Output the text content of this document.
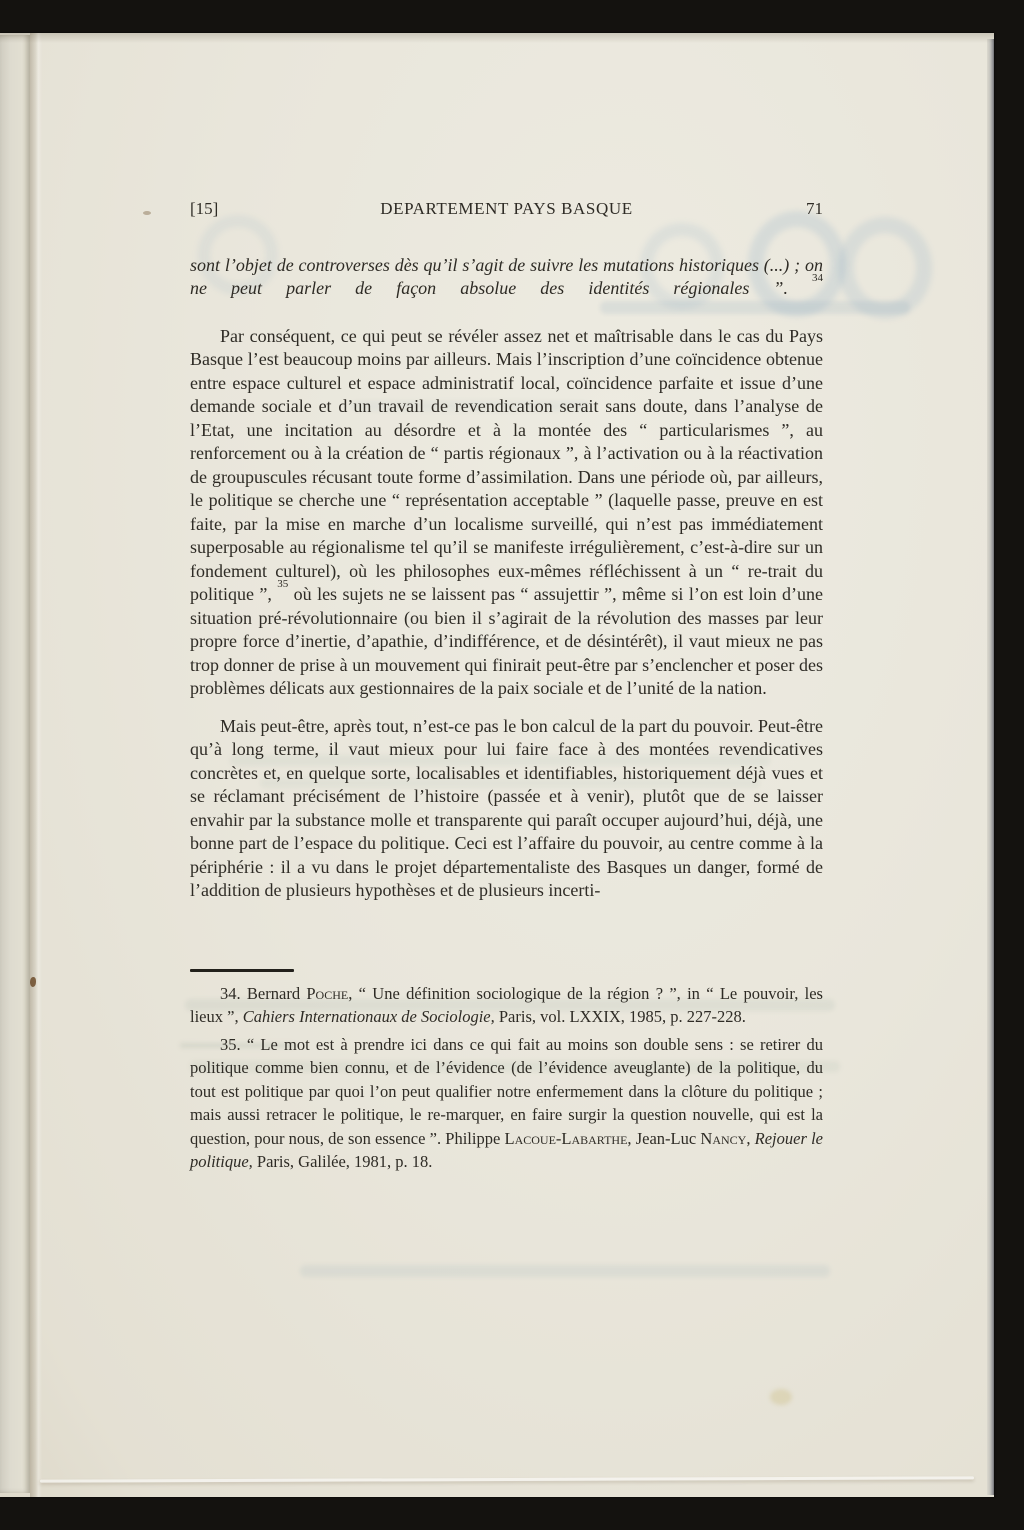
[15]	DEPARTEMENT PAYS BASQUE	71

sont l’objet de controverses dès qu’il s’agit de suivre les mutations historiques (...) ; on ne peut parler de façon absolue des identités régionales ”. $^{34}$

Par conséquent, ce qui peut se révéler assez net et maîtrisable dans le cas du Pays Basque l’est beaucoup moins par ailleurs. Mais l’inscription d’une coïncidence obtenue entre espace culturel et espace administratif local, coïncidence parfaite et issue d’une demande sociale et d’un travail de revendication serait sans doute, dans l’analyse de l’Etat, une incitation au désordre et à la montée des “ particularismes ”, au renforcement ou à la création de “ partis régionaux ”, à l’activation ou à la réactivation de groupuscules récusant toute forme d’assimilation. Dans une période où, par ailleurs, le politique se cherche une “ représentation acceptable ” (laquelle passe, preuve en est faite, par la mise en marche d’un localisme surveillé, qui n’est pas immédiatement superposable au régionalisme tel qu’il se manifeste irrégulièrement, c’est-à-dire sur un fondement culturel), où les philosophes eux-mêmes réfléchissent à un “ re-trait du politique ”, $^{35}$ où les sujets ne se laissent pas “ assujettir ”, même si l’on est loin d’une situation pré-révolutionnaire (ou bien il s’agirait de la révolution des masses par leur propre force d’inertie, d’apathie, d’indifférence, et de désintérêt), il vaut mieux ne pas trop donner de prise à un mouvement qui finirait peut-être par s’enclencher et poser des problèmes délicats aux gestionnaires de la paix sociale et de l’unité de la nation.

Mais peut-être, après tout, n’est-ce pas le bon calcul de la part du pouvoir. Peut-être qu’à long terme, il vaut mieux pour lui faire face à des montées revendicatives concrètes et, en quelque sorte, localisables et identifiables, historiquement déjà vues et se réclamant précisément de l’histoire (passée et à venir), plutôt que de se laisser envahir par la substance molle et transparente qui paraît occuper aujourd’hui, déjà, une bonne part de l’espace du politique. Ceci est l’affaire du pouvoir, au centre comme à la périphérie : il a vu dans le projet départementaliste des Basques un danger, formé de l’addition de plusieurs hypothèses et de plusieurs incerti-

34. Bernard Poche, “ Une définition sociologique de la région ? ”, in “ Le pouvoir, les lieux ”, Cahiers Internationaux de Sociologie, Paris, vol. LXXIX, 1985, p. 227-228.

35. “ Le mot est à prendre ici dans ce qui fait au moins son double sens : se retirer du politique comme bien connu, et de l’évidence (de l’évidence aveuglante) de la politique, du tout est politique par quoi l’on peut qualifier notre enfermement dans la clôture du politique ; mais aussi retracer le politique, le re-marquer, en faire surgir la question nouvelle, qui est la question, pour nous, de son essence ”. Philippe Lacoue-Labarthe, Jean-Luc Nancy, Rejouer le politique, Paris, Galilée, 1981, p. 18.
